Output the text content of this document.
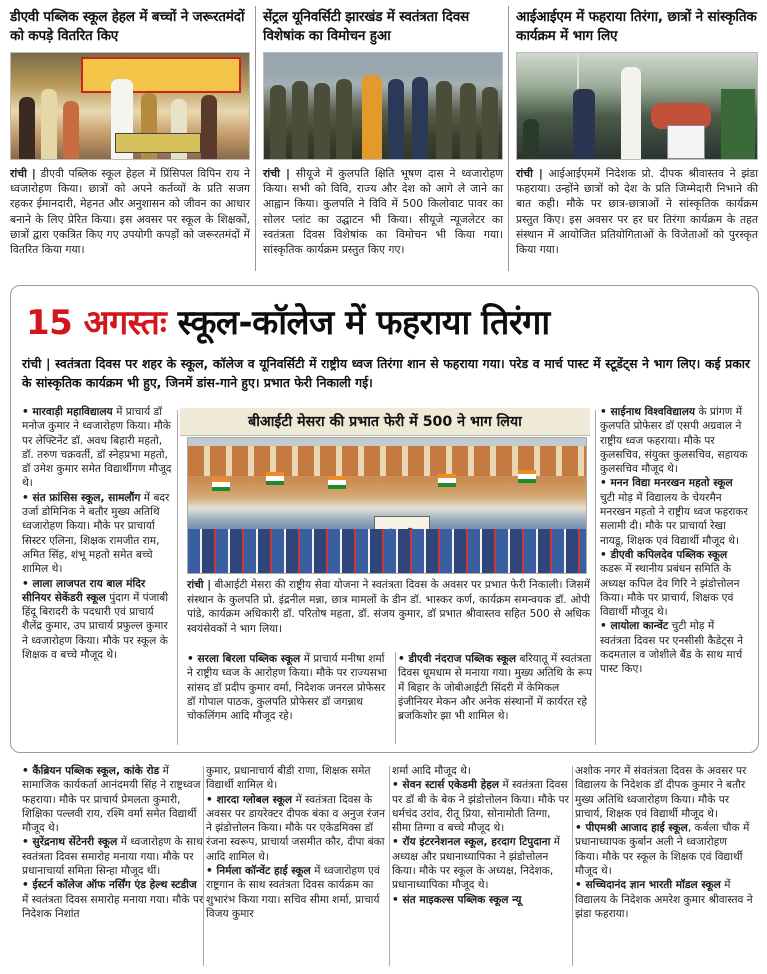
डीएवी पब्लिक स्कूल हेहल में बच्चों ने जरूरतमंदों को कपड़े वितरित किए
रांची | डीएवी पब्लिक स्कूल हेहल में प्रिंसिपल विपिन राय ने ध्वजारोहण किया। छात्रों को अपने कर्तव्यों के प्रति सजग रहकर ईमानदारी, मेहनत और अनुशासन को जीवन का आधार बनाने के लिए प्रेरित किया। इस अवसर पर स्कूल के शिक्षकों, छात्रों द्वारा एकत्रित किए गए उपयोगी कपड़ों को जरूरतमंदों में वितरित किया गया।
सेंट्रल यूनिवर्सिटी झारखंड में स्वतंत्रता दिवस विशेषांक का विमोचन हुआ
रांची | सीयूजे में कुलपति क्षिति भूषण दास ने ध्वजारोहण किया। सभी को विवि, राज्य और देश को आगे ले जाने का आह्वान किया। कुलपति ने विवि में 500 किलोवाट पावर का सोलर प्लांट का उद्घाटन भी किया। सीयूजे न्यूजलेटर का स्वतंत्रता दिवस विशेषांक का विमोचन भी किया गया। सांस्कृतिक कार्यक्रम प्रस्तुत किए गए।
आईआईएम में फहराया तिरंगा, छात्रों ने सांस्कृतिक कार्यक्रम में भाग लिए
रांची | आईआईएममें निदेशक प्रो. दीपक श्रीवास्तव ने झंडा फहराया। उन्होंने छात्रों को देश के प्रति जिम्मेदारी निभाने की बात कही। मौके पर छात्र-छात्राओं ने सांस्कृतिक कार्यक्रम प्रस्तुत किए। इस अवसर पर हर घर तिरंगा कार्यक्रम के तहत संस्थान में आयोजित प्रतियोगिताओं के विजेताओं को पुरस्कृत किया गया।
15 अगस्तः स्कूल-कॉलेज में फहराया तिरंगा
रांची | स्वतंत्रता दिवस पर शहर के स्कूल, कॉलेज व यूनिवर्सिटी में राष्ट्रीय ध्वज तिरंगा शान से फहराया गया। परेड व मार्च पास्ट में स्टूडेंट्स ने भाग लिए। कई प्रकार के सांस्कृतिक कार्यक्रम भी हुए, जिनमें डांस-गाने हुए। प्रभात फेरी निकाली गई।
• मारवाड़ी महाविद्यालय में प्राचार्य डॉ मनोज कुमार ने ध्वजारोहण किया। मौके पर लेफ्टिनेंट डॉ. अवध बिहारी महतो, डॉ. तरुण चक्रवर्ती, डॉ स्नेहप्रभा महतो, डॉ उमेश कुमार समेत विद्यार्थीगण मौजूद थे।
• संत फ्रांसिस स्कूल, सामलौंग में बदर उर्जा डोमिनिक ने बतौर मुख्य अतिथि ध्वजारोहण किया। मौके पर प्राचार्या सिस्टर एलिना, शिक्षक रामजीत राम, अमित सिंह, शंभू महतो समेत बच्चे शामिल थे।
• लाला लाजपत राय बाल मंदिर सीनियर सेकेंडरी स्कूल पुंदाग में पंजाबी हिंदू बिरादरी के पदधारी एवं प्राचार्य शैलेंद्र कुमार, उप प्राचार्य प्रफुल्ल कुमार ने ध्वजारोहण किया। मौके पर स्कूल के शिक्षक व बच्चे मौजूद थे।
बीआईटी मेसरा की प्रभात फेरी में 500 ने भाग लिया
रांची | बीआईटी मेसरा की राष्ट्रीय सेवा योजना ने स्वतंत्रता दिवस के अवसर पर प्रभात फेरी निकाली। जिसमें संस्थान के कुलपति प्रो. इंद्रनील मन्ना, छात्र मामलों के डीन डॉ. भास्कर कर्ण, कार्यक्रम समन्वयक डॉ. ओपी पांडे, कार्यक्रम अधिकारी डॉ. परितोष महता, डॉ. संजय कुमार, डॉ प्रभात श्रीवास्तव सहित 500 से अधिक स्वयंसेवकों ने भाग लिया।
• सरला बिरला पब्लिक स्कूल में प्राचार्य मनीषा शर्मा ने राष्ट्रीय ध्वज के आरोहण किया। मौके पर राज्यसभा सांसद डॉ प्रदीप कुमार वर्मा, निदेशक जनरल प्रोफेसर डॉ गोपाल पाठक, कुलपति प्रोफेसर डॉ जगन्नाथ चोकलिंगम आदि मौजूद रहे।
• डीएवी नंदराज पब्लिक स्कूल बरियातू में स्वतंत्रता दिवस धूमधाम से मनाया गया। मुख्य अतिथि के रूप में बिहार के जोबीआईटी सिंदरी में केमिकल इंजीनियर मेकन और अनेक संस्थानों में कार्यरत रहे ब्रजकिशोर झा भी शामिल थे।
• साईनाथ विश्वविद्यालय के प्रांगण में कुलपति प्रोफेसर डॉ एसपी अग्रवाल ने राष्ट्रीय ध्वज फहराया। मौके पर कुलसचिव, संयुक्त कुलसचिव, सहायक कुलसचिव मौजूद थे।
• मनन विद्या मनरखन महतो स्कूल चुटी मोड़ में विद्यालय के चेयरमैन मनरखन महतो ने राष्ट्रीय ध्वज फहराकर सलामी दी। मौके पर प्राचार्या रेखा नायडू, शिक्षक एवं विद्यार्थी मौजूद थे।
• डीएवी कपिलदेव पब्लिक स्कूल कडरू में स्थानीय प्रबंधन समिति के अध्यक्ष कपिल देव गिरि ने झंडोत्तोलन किया। मौके पर प्राचार्य, शिक्षक एवं विद्यार्थी मौजूद थे।
• लायोला कान्वेंट चुटी मोड़ में स्वतंत्रता दिवस पर एनसीसी कैडेट्स ने कदमताल व जोशीले बैंड के साथ मार्च पास्ट किए।
• कैंब्रियन पब्लिक स्कूल, कांके रोड में सामाजिक कार्यकर्ता आनंदमयी सिंह ने राष्ट्रध्वज फहराया। मौके पर प्राचार्य प्रेमलता कुमारी, शिक्षिका पल्लवी राय, रश्मि वर्मा समेत विद्यार्थी मौजूद थे।
• सुरेंद्रनाथ सेंटेनरी स्कूल में ध्वजारोहण के साथ स्वतंत्रता दिवस समारोह मनाया गया। मौके पर प्रधानाचार्या समिता सिन्हा मौजूद थीं।
• ईस्टर्न कॉलेज ऑफ नर्सिंग एंड हेल्थ स्टडीज में स्वतंत्रता दिवस समारोह मनाया गया। मौके पर निदेशक निशांत
कुमार, प्रधानाचार्य बीडी राणा, शिक्षक समेत विद्यार्थी शामिल थे।
• शारदा ग्लोबल स्कूल में स्वतंत्रता दिवस के अवसर पर डायरेक्टर दीपक बंका व अनुज रंजन ने झंडोत्तोलन किया। मौके पर एकेडमिक्स डॉ रंजना स्वरूप, प्राचार्या जसमीत कौर, दीपा बंका आदि शामिल थे।
• निर्मला कॉन्वेंट हाई स्कूल में ध्वजारोहण एवं राष्ट्रगान के साथ स्वतंत्रता दिवस कार्यक्रम का शुभारंभ किया गया। सचिव सीमा शर्मा, प्राचार्य विजय कुमार
शर्मा आदि मौजूद थे।
• सेवन स्टार्स एकेडमी हेहल में स्वतंत्रता दिवस पर डॉ बी के बेक ने झंडोत्तोलन किया। मौके पर धर्मचंद उरांव, रीतू प्रिया, सोनामोती तिग्गा, सीमा तिग्गा व बच्चे मौजूद थे।
• रॉय इंटरनेशनल स्कूल, हरदाग टिपुदाना में अध्यक्ष और प्रधानाध्यापिका ने झंडोत्तोलन किया। मौके पर स्कूल के अध्यक्ष, निदेशक, प्रधानाध्यापिका मौजूद थे।
• संत माइकल्स पब्लिक स्कूल न्यू
अशोक नगर में संवतंत्रता दिवस के अवसर पर विद्यालय के निदेशक डॉ दीपक कुमार ने बतौर मुख्य अतिथि ध्वजारोहण किया। मौके पर प्राचार्य, शिक्षक एवं विद्यार्थी मौजूद थे।
• पीएमश्री आजाद हाई स्कूल, कर्बला चौक में प्रधानाध्यापक कुर्बान अली ने ध्वजारोहण किया। मौके पर स्कूल के शिक्षक एवं विद्यार्थी मौजूद थे।
• सच्चिदानंद ज्ञान भारती मॉडल स्कूल में विद्यालय के निदेशक अमरेश कुमार श्रीवास्तव ने झंडा फहराया।
